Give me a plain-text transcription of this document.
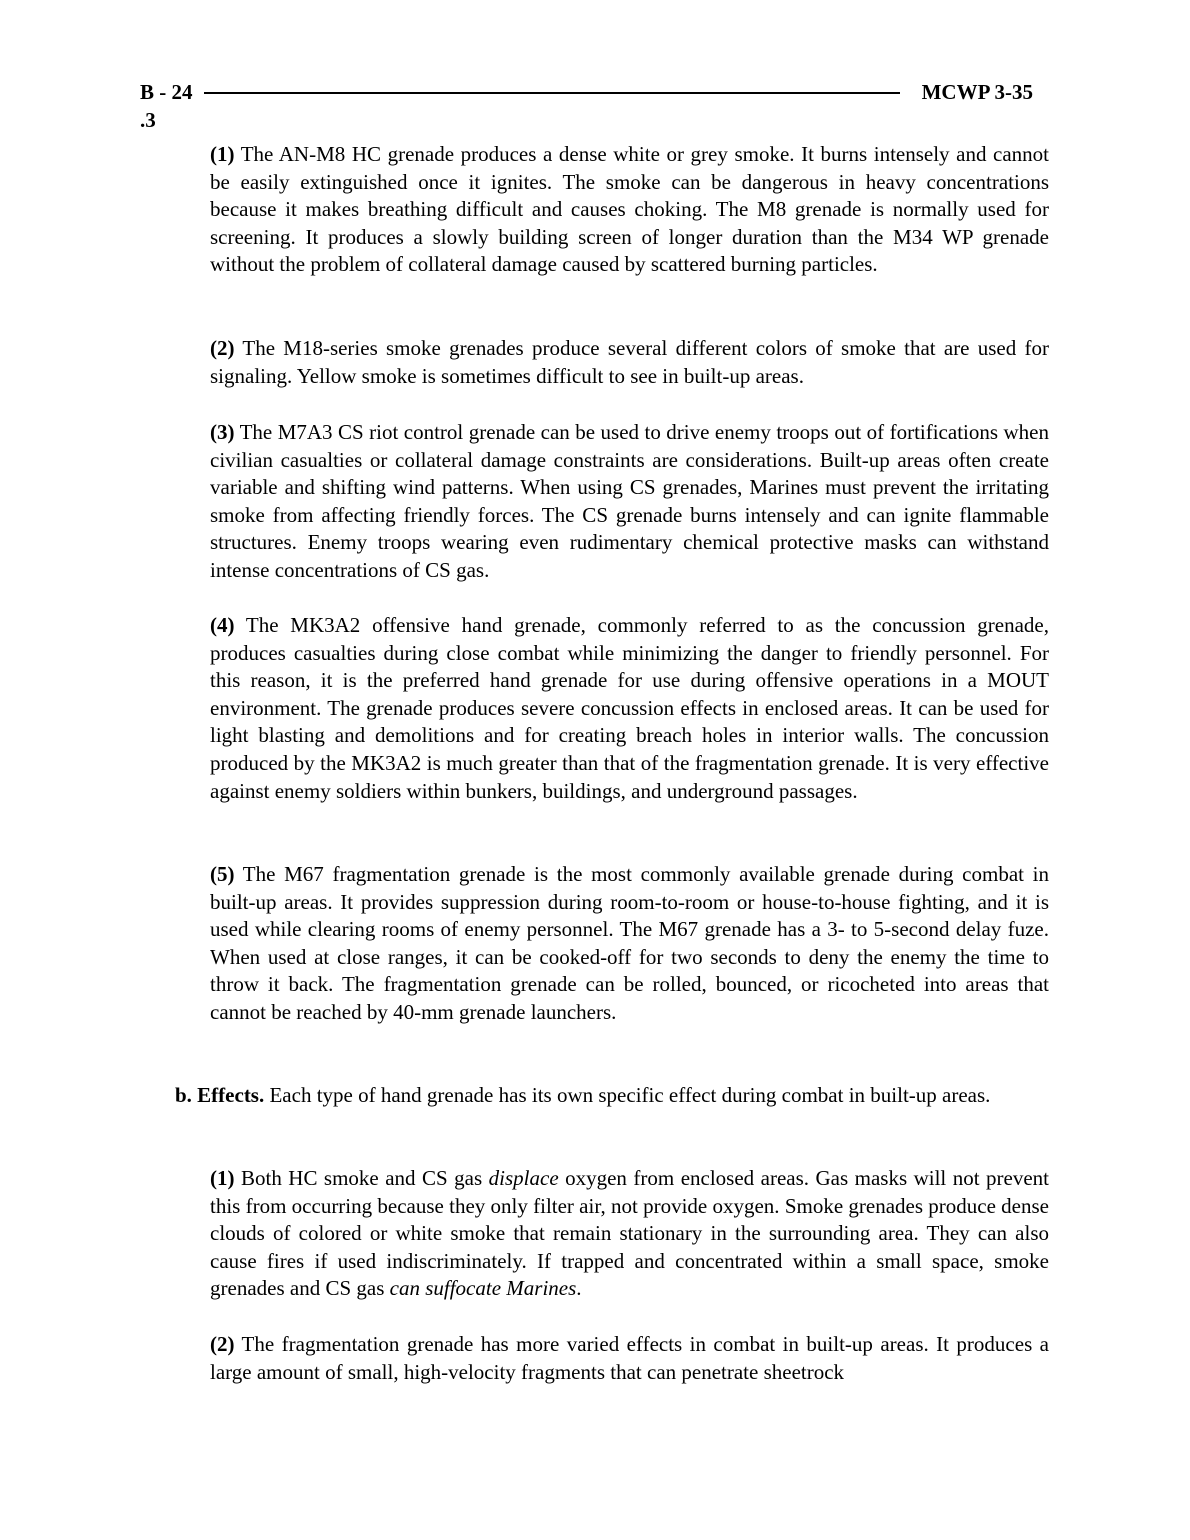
B - 24	MCWP 3-35
.3

(1) The AN-M8 HC grenade produces a dense white or grey smoke. It burns intensely and cannot be easily extinguished once it ignites. The smoke can be dangerous in heavy concentrations because it makes breathing difficult and causes choking. The M8 grenade is normally used for screening. It produces a slowly building screen of longer duration than the M34 WP grenade without the problem of collateral damage caused by scattered burning particles.

(2) The M18-series smoke grenades produce several different colors of smoke that are used for signaling. Yellow smoke is sometimes difficult to see in built-up areas.

(3) The M7A3 CS riot control grenade can be used to drive enemy troops out of fortifications when civilian casualties or collateral damage constraints are considerations. Built-up areas often create variable and shifting wind patterns. When using CS grenades, Marines must prevent the irritating smoke from affecting friendly forces. The CS grenade burns intensely and can ignite flammable structures. Enemy troops wearing even rudimentary chemical protective masks can withstand intense concentrations of CS gas.

(4) The MK3A2 offensive hand grenade, commonly referred to as the concussion grenade, produces casualties during close combat while minimizing the danger to friendly personnel. For this reason, it is the preferred hand grenade for use during offensive operations in a MOUT environment. The grenade produces severe concussion effects in enclosed areas. It can be used for light blasting and demolitions and for creating breach holes in interior walls. The concussion produced by the MK3A2 is much greater than that of the fragmentation grenade. It is very effective against enemy soldiers within bunkers, buildings, and underground passages.

(5) The M67 fragmentation grenade is the most commonly available grenade during combat in built-up areas. It provides suppression during room-to-room or house-to-house fighting, and it is used while clearing rooms of enemy personnel. The M67 grenade has a 3- to 5-second delay fuze. When used at close ranges, it can be cooked-off for two seconds to deny the enemy the time to throw it back. The fragmentation grenade can be rolled, bounced, or ricocheted into areas that cannot be reached by 40-mm grenade launchers.

b. Effects. Each type of hand grenade has its own specific effect during combat in built-up areas.

(1) Both HC smoke and CS gas displace oxygen from enclosed areas. Gas masks will not prevent this from occurring because they only filter air, not provide oxygen. Smoke grenades produce dense clouds of colored or white smoke that remain stationary in the surrounding area. They can also cause fires if used indiscriminately. If trapped and concentrated within a small space, smoke grenades and CS gas can suffocate Marines.

(2) The fragmentation grenade has more varied effects in combat in built-up areas. It produces a large amount of small, high-velocity fragments that can penetrate sheetrock
